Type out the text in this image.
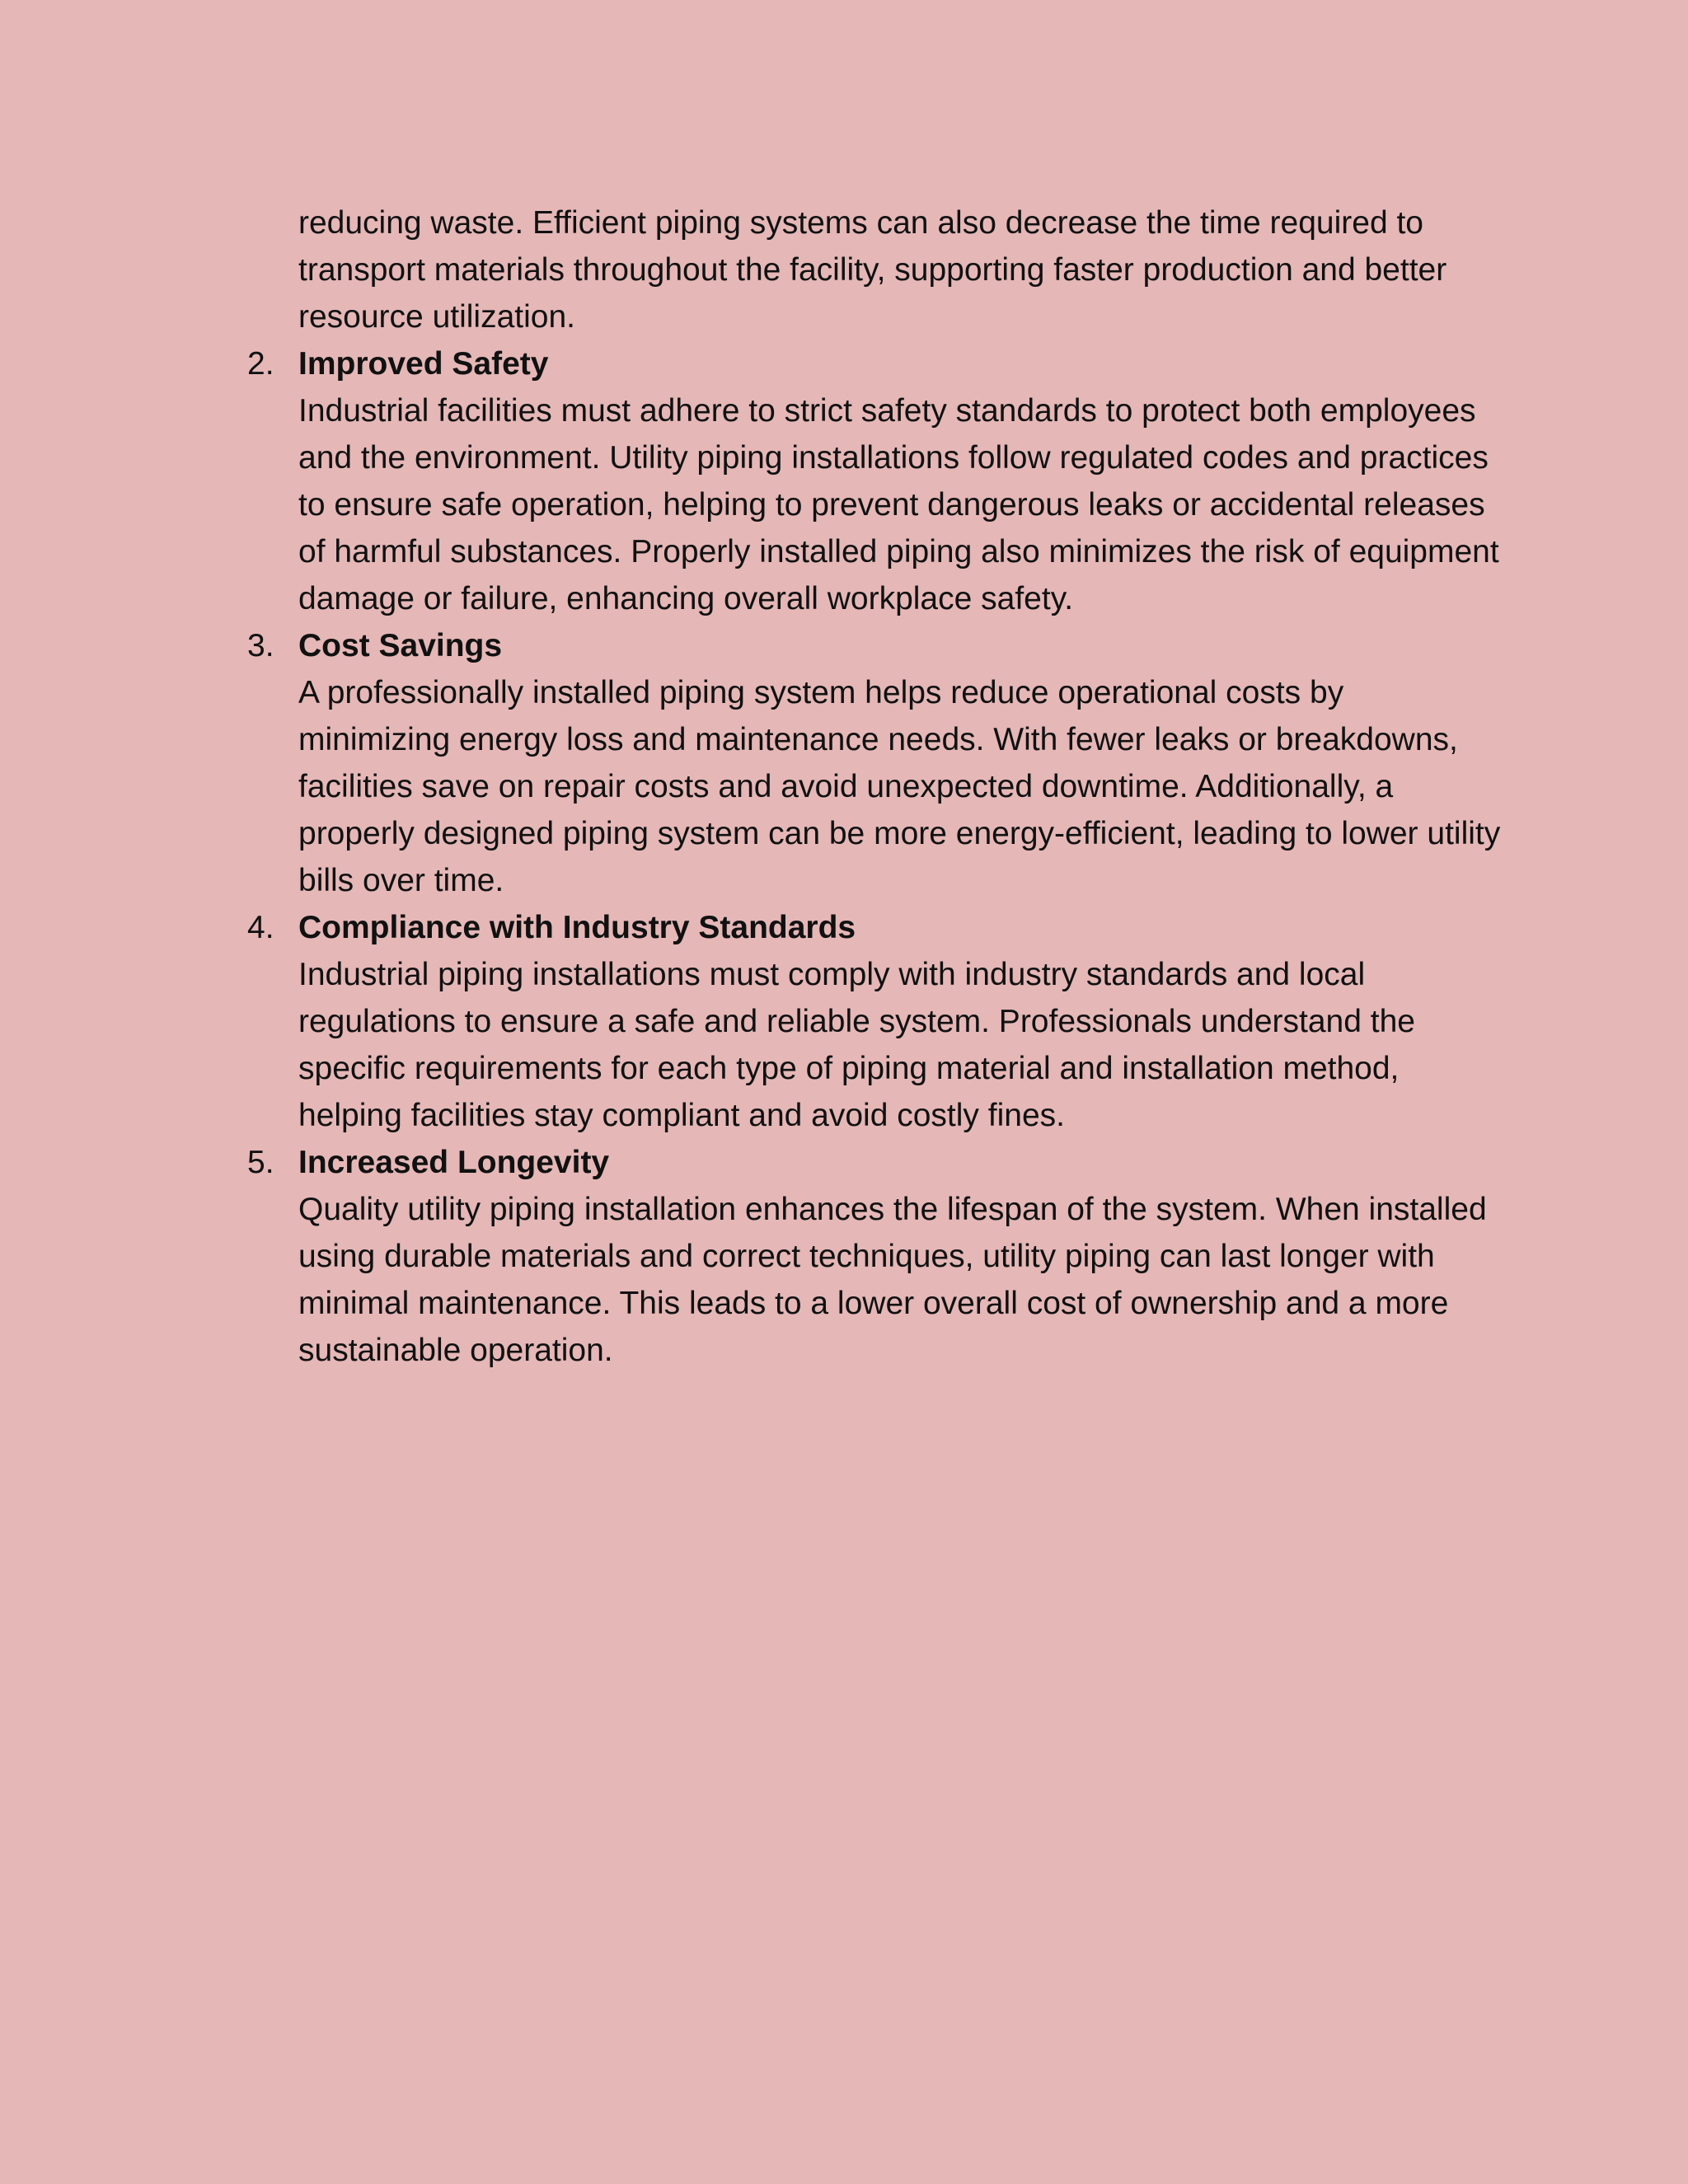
reducing waste. Efficient piping systems can also decrease the time required to transport materials throughout the facility, supporting faster production and better resource utilization.

2. Improved Safety

Industrial facilities must adhere to strict safety standards to protect both employees and the environment. Utility piping installations follow regulated codes and practices to ensure safe operation, helping to prevent dangerous leaks or accidental releases of harmful substances. Properly installed piping also minimizes the risk of equipment damage or failure, enhancing overall workplace safety.

3. Cost Savings

A professionally installed piping system helps reduce operational costs by minimizing energy loss and maintenance needs. With fewer leaks or breakdowns, facilities save on repair costs and avoid unexpected downtime. Additionally, a properly designed piping system can be more energy-efficient, leading to lower utility bills over time.

4. Compliance with Industry Standards

Industrial piping installations must comply with industry standards and local regulations to ensure a safe and reliable system. Professionals understand the specific requirements for each type of piping material and installation method, helping facilities stay compliant and avoid costly fines.

5. Increased Longevity

Quality utility piping installation enhances the lifespan of the system. When installed using durable materials and correct techniques, utility piping can last longer with minimal maintenance. This leads to a lower overall cost of ownership and a more sustainable operation.
